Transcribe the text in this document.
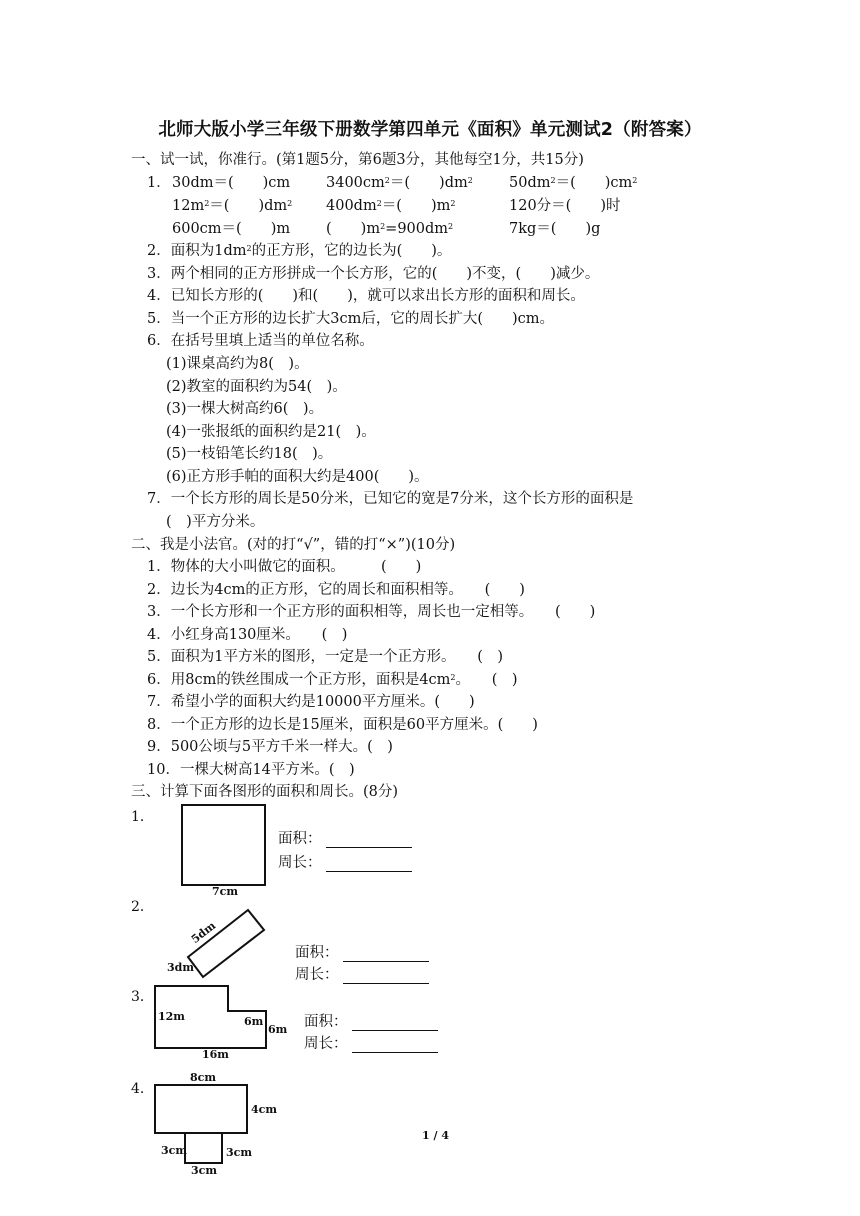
北师大版小学三年级下册数学第四单元《面积》单元测试2（附答案）
一、试一试，你准行。(第1题5分，第6题3分，其他每空1分，共15分)
1． 30dm＝(　　)cm $3400cm^2=$(　　)$dm^2$ $50dm^2=$(　　)$cm^2$
$12m^2=$(　　)$dm^2$ $400dm^2=$(　　)$m^2$	120分＝(　　)时
600cm＝(　　)m (　　)$m^2=900dm^2$	7kg＝(　　)g
2．面积为$1dm^2$的正方形，它的边长为(　　)。
3．两个相同的正方形拼成一个长方形，它的(　　)不变，(　　)减少。
4．已知长方形的(　　)和(　　)，就可以求出长方形的面积和周长。
5．当一个正方形的边长扩大3cm后，它的周长扩大(　　)cm。
6．在括号里填上适当的单位名称。
(1)课桌高约为8(　)。
(2)教室的面积约为54(　)。
(3)一棵大树高约6(　)。
(4)一张报纸的面积约是21(　)。
(5)一枝铅笔长约18(　)。
(6)正方形手帕的面积大约是400(　　)。
7．一个长方形的周长是50分米，已知它的宽是7分米，这个长方形的面积是
(　)平方分米。
二、我是小法官。(对的打“√”，错的打“×”)(10分)
1．物体的大小叫做它的面积。　　　(　　)
2．边长为4cm的正方形，它的周长和面积相等。　　(　　)
3．一个长方形和一个正方形的面积相等，周长也一定相等。　　(　　)
4．小红身高130厘米。　　(　)
5．面积为1平方米的图形，一定是一个正方形。　　(　)
6．用8cm的铁丝围成一个正方形，面积是$4cm^2$。　　(　)
7．希望小学的面积大约是10000平方厘米。(　　)
8．一个正方形的边长是15厘米，面积是60平方厘米。(　　)
9．500公顷与5平方千米一样大。(　)
10．一棵大树高14平方米。(　)
三、计算下面各图形的面积和周长。(8分)
1．
7cm
面积：
周长：
2．
5dm
3dm
面积：
周长：
3．
12m	6m
6m
16m
面积：
周长：
4．
8cm
4cm
3cm	3cm
3cm
1 / 4
